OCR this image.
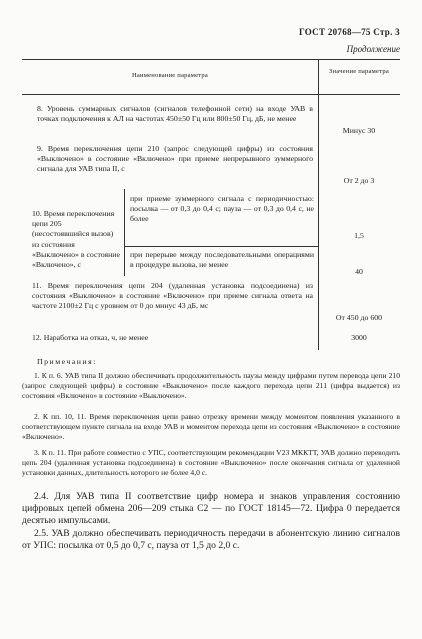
ГОСТ 20768—75 Стр. 3
Продолжение
Наименование параметра
Значение параметра
8. Уровень суммарных сигналов (сигналов телефонной сети) на входе УАВ в точках подключения к АЛ на частотах 450±50 Гц или 800±50 Гц, дБ, не менее
Минус 30
9. Время переключения цепи 210 (запрос следующей цифры) из состояния «Выключено» в состояние «Включено» при приеме непрерывного зуммерного сигнала для УАВ типа II, с
От 2 до 3
10. Время переключения цепи 205 (несостоявшийся вызов) из состояния «Выключено» в состояние «Включено», с
при приеме зуммерного сигнала с периодичностью: посылка — от 0,3 до 0,4 с; пауза — от 0,3 до 0,4 с, не более
1,5
при перерыве между последовательными операциями в процедуре вызова, не менее
40
11. Время переключения цепи 204 (удаленная установка подсоединена) из состояния «Выключено» в состояние «Включено» при приеме сигнала ответа на частоте 2100±2 Гц с уровнем от 0 до минус 43 дБ, мс
От 450 до 600
12. Наработка на отказ, ч, не менее	3000
Примечания:
1. К п. 6. УАВ типа II должно обеспечивать продолжительность паузы между цифрами путем перевода цепи 210 (запрос следующей цифры) в состояние «Выключено» после каждого перехода цепи 211 (цифра выдается) из состояния «Включено» в состояние «Выключено».
2. К пп. 10, 11. Время переключения цепи равно отрезку времени между моментом появления указанного в соответствующем пункте сигнала на входе УАВ и моментом перехода цепи из состояния «Выключено» в состояние «Включено».
3. К п. 11. При работе совместно с УПС, соответствующим рекомендации V23 МККТТ, УАВ должно переводить цепь 204 (удаленная установка подсоединена) в состояние «Выключено» после окончания сигнала от удаленной установки данных, длительность которого не более 4,0 с.
2.4. Для УАВ типа II соответствие цифр номера и знаков управления состоянию цифровых цепей обмена 206—209 стыка С2 — по ГОСТ 18145—72. Цифра 0 передается десятью импульсами.
2.5. УАВ должно обеспечивать периодичность передачи в абонентскую линию сигналов от УПС: посылка от 0,5 до 0,7 с, пауза от 1,5 до 2,0 с.
